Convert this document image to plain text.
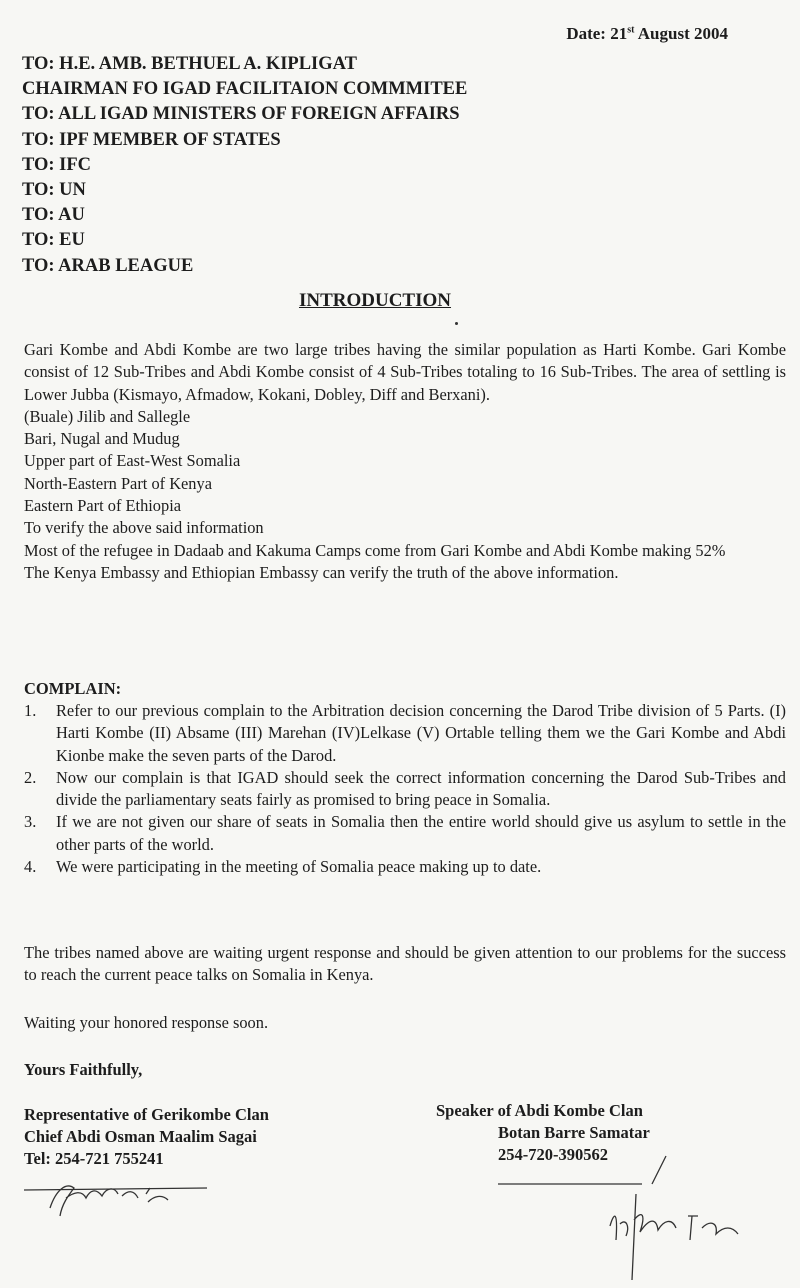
Date: 21st August 2004
TO: H.E. AMB. BETHUEL A. KIPLIGAT
CHAIRMAN FO IGAD FACILITAION COMMMITEE
TO: ALL IGAD MINISTERS OF FOREIGN AFFAIRS
TO: IPF MEMBER OF STATES
TO: IFC
TO: UN
TO: AU
TO: EU
TO: ARAB LEAGUE
INTRODUCTION

Gari Kombe and Abdi Kombe are two large tribes having the similar population as Harti Kombe. Gari Kombe consist of 12 Sub-Tribes and Abdi Kombe consist of 4 Sub-Tribes totaling to 16 Sub-Tribes. The area of settling is Lower Jubba (Kismayo, Afmadow, Kokani, Dobley, Diff and Berxani).

(Buale) Jilib and Sallegle
Bari, Nugal and Mudug
Upper part of East-West Somalia
North-Eastern Part of Kenya
Eastern Part of Ethiopia
To verify the above said information

Most of the refugee in Dadaab and Kakuma Camps come from Gari Kombe and Abdi Kombe making 52%

The Kenya Embassy and Ethiopian Embassy can verify the truth of the above information.

COMPLAIN:
1. Refer to our previous complain to the Arbitration decision concerning the Darod Tribe division of 5 Parts. (I) Harti Kombe (II) Absame (III) Marehan (IV)Lelkase (V) Ortable telling them we the Gari Kombe and Abdi Kionbe make the seven parts of the Darod.
2. Now our complain is that IGAD should seek the correct information concerning the Darod Sub-Tribes and divide the parliamentary seats fairly as promised to bring peace in Somalia.
3. If we are not given our share of seats in Somalia then the entire world should give us asylum to settle in the other parts of the world.
4. We were participating in the meeting of Somalia peace making up to date.
The tribes named above are waiting urgent response and should be given attention to our problems for the success to reach the current peace talks on Somalia in Kenya.
Waiting your honored response soon.
Yours Faithfully,
Representative of Gerikombe Clan
Chief Abdi Osman Maalim Sagai
Tel: 254-721 755241
Speaker of Abdi Kombe Clan
Botan Barre Samatar
254-720-390562
